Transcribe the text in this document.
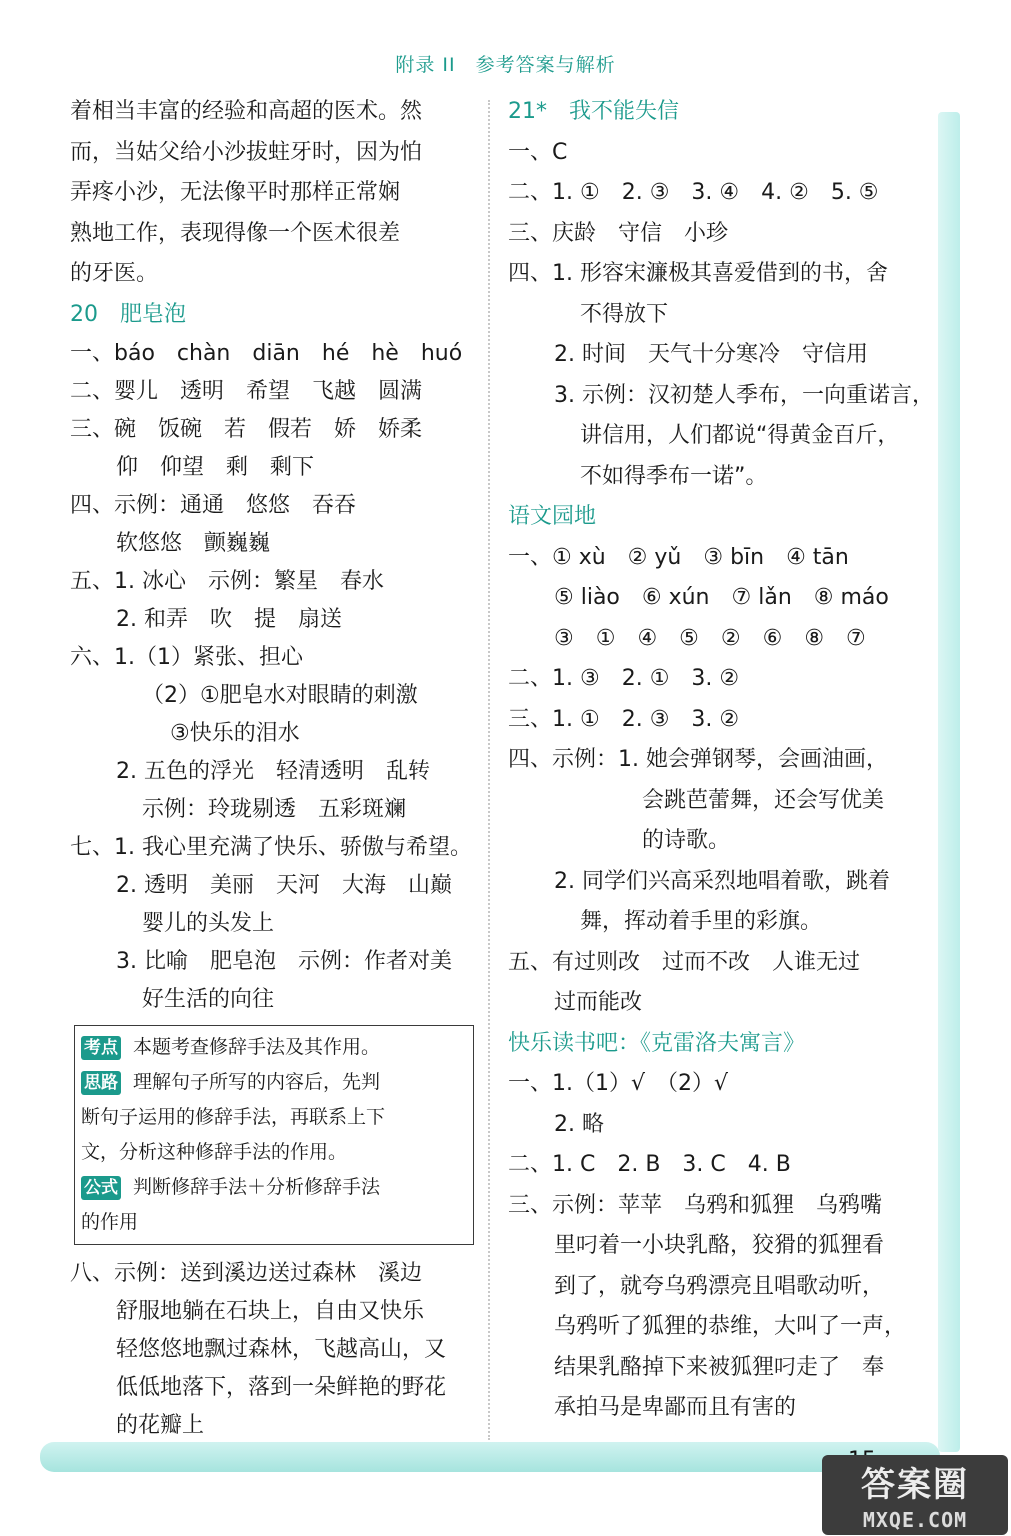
附录 II　参考答案与解析
着相当丰富的经验和高超的医术。然
而，当姑父给小沙拔蛀牙时，因为怕
弄疼小沙，无法像平时那样正常娴
熟地工作，表现得像一个医术很差
的牙医。
20　肥皂泡
一、báo　chàn　diān　hé　hè　huó
二、婴儿　透明　希望　飞越　圆满
三、碗　饭碗　若　假若　娇　娇柔
仰　仰望　剩　剩下
四、示例：通通　悠悠　吞吞
软悠悠　颤巍巍
五、1. 冰心　示例：繁星　春水
2. 和弄　吹　提　扇送
六、1.（1）紧张、担心
（2）①肥皂水对眼睛的刺激
③快乐的泪水
2. 五色的浮光　轻清透明　乱转
示例：玲珑剔透　五彩斑斓
七、1. 我心里充满了快乐、骄傲与希望。
2. 透明　美丽　天河　大海　山巅
婴儿的头发上
3. 比喻　肥皂泡　示例：作者对美
好生活的向往
考点 本题考查修辞手法及其作用。
思路 理解句子所写的内容后，先判
断句子运用的修辞手法，再联系上下
文，分析这种修辞手法的作用。
公式 判断修辞手法＋分析修辞手法
的作用
八、示例：送到溪边送过森林　溪边
舒服地躺在石块上，自由又快乐
轻悠悠地飘过森林，飞越高山，又
低低地落下，落到一朵鲜艳的野花
的花瓣上
21*　我不能失信
一、C
二、1. ①　2. ③　3. ④　4. ②　5. ⑤
三、庆龄　守信　小珍
四、1. 形容宋濂极其喜爱借到的书，舍
不得放下
2. 时间　天气十分寒冷　守信用
3. 示例：汉初楚人季布，一向重诺言，
讲信用，人们都说“得黄金百斤，
不如得季布一诺”。
语文园地
一、① xù　② yǔ　③ bīn　④ tān
⑤ liào　⑥ xún　⑦ lǎn　⑧ máo
③　①　④　⑤　②　⑥　⑧　⑦
二、1. ③　2. ①　3. ②
三、1. ①　2. ③　3. ②
四、示例：1. 她会弹钢琴，会画油画，
会跳芭蕾舞，还会写优美
的诗歌。
2. 同学们兴高采烈地唱着歌，跳着
舞，挥动着手里的彩旗。
五、有过则改　过而不改　人谁无过
过而能改
快乐读书吧：《克雷洛夫寓言》
一、1.（1）√　（2）√
2. 略
二、1. C　2. B　3. C　4. B
三、示例：苹苹　乌鸦和狐狸　乌鸦嘴
里叼着一小块乳酪，狡猾的狐狸看
到了，就夸乌鸦漂亮且唱歌动听，
乌鸦听了狐狸的恭维，大叫了一声，
结果乳酪掉下来被狐狸叼走了　奉
承拍马是卑鄙而且有害的
答案圈
MXQE.COM
